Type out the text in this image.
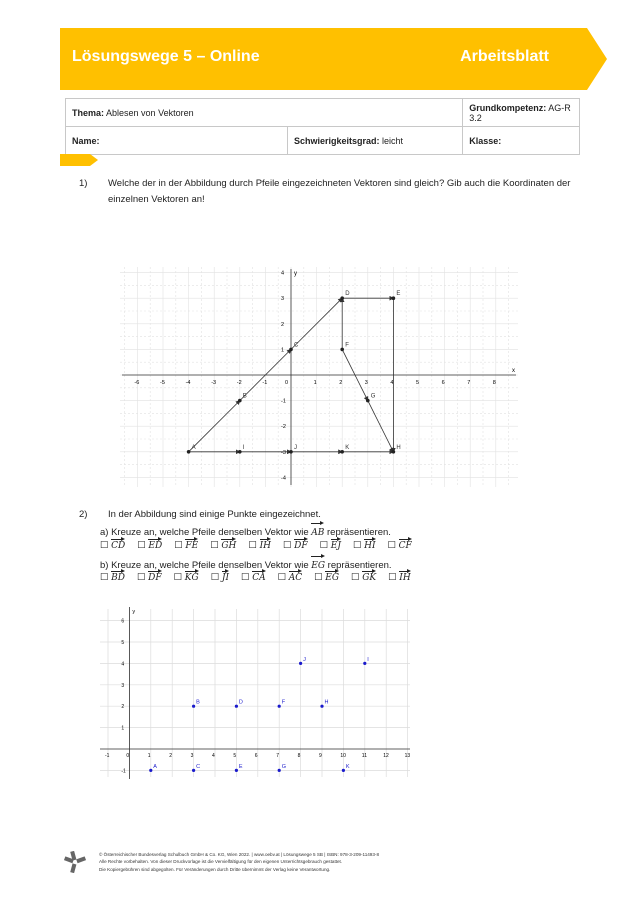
Lösungswege 5 – Online	Arbeitsblatt
Thema: Ablesen von Vektoren		Grundkompetenz: AG-R 3.2
Name:	Schwierigkeitsgrad: leicht	Klasse:
1) Welche der in der Abbildung durch Pfeile eingezeichneten Vektoren sind gleich? Gib auch die Koordinaten der einzelnen Vektoren an!
x
y
-6	-5	-4	-3	-2	-1	0	1	2	3	4	5	6	7	8
4
3
2
1
-1
-2
-3
-4
A
B
C
D	E
F
G
H
I	J	K
2) In der Abbildung sind einige Punkte eingezeichnet.
a) Kreuze an, welche Pfeile denselben Vektor wie AB repräsentieren.
☐ CD ☐ ED ☐ FE ☐ GH ☐ IH ☐ DF ☐ EJ ☐ HI ☐ CF
b) Kreuze an, welche Pfeile denselben Vektor wie EG repräsentieren.
☐ BD ☐ DF ☐ KG ☐ JI ☐ CA ☐ AC ☐ EG ☐ GK ☐ IH
y
-1	0	1	2	3	4	5	6	7	8	9	10	11	12	13
6
5
4
3
2
1
-1
A	C	E	G	K
B	D	F	H
J	I
© Österreichischer Bundesverlag Schulbuch GmbH & Co. KG, Wien 2022. | www.oebv.at | Lösungswege 5 SB | ISBN: 978-3-209-11493-8
Alle Rechte vorbehalten. Von dieser Druckvorlage ist die Vervielfältigung für den eigenen Unterrichtsgebrauch gestattet.
Die Kopiergebühren sind abgegolten. Für Veränderungen durch Dritte übernimmt der Verlag keine Verantwortung.
